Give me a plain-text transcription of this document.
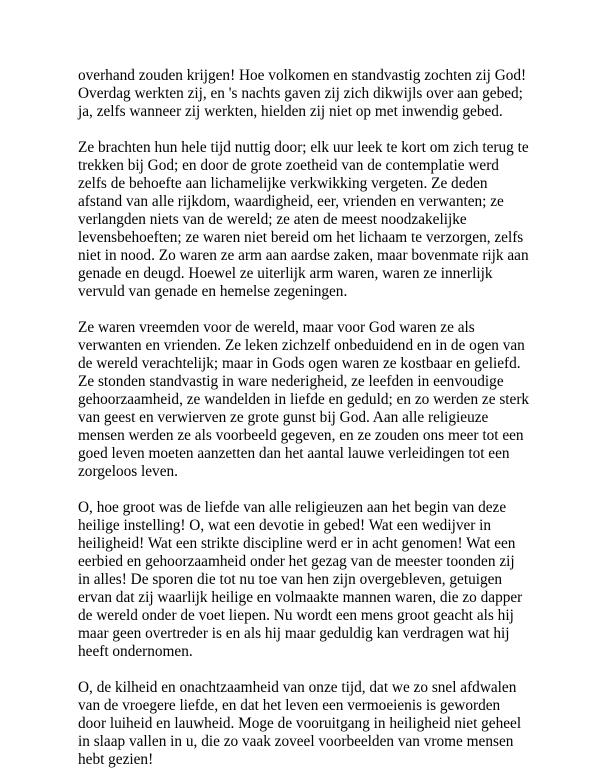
overhand zouden krijgen! Hoe volkomen en standvastig zochten zij God! Overdag werkten zij, en 's nachts gaven zij zich dikwijls over aan gebed; ja, zelfs wanneer zij werkten, hielden zij niet op met inwendig gebed.

Ze brachten hun hele tijd nuttig door; elk uur leek te kort om zich terug te trekken bij God; en door de grote zoetheid van de contemplatie werd zelfs de behoefte aan lichamelijke verkwikking vergeten. Ze deden afstand van alle rijkdom, waardigheid, eer, vrienden en verwanten; ze verlangden niets van de wereld; ze aten de meest noodzakelijke levensbehoeften; ze waren niet bereid om het lichaam te verzorgen, zelfs niet in nood. Zo waren ze arm aan aardse zaken, maar bovenmate rijk aan genade en deugd. Hoewel ze uiterlijk arm waren, waren ze innerlijk vervuld van genade en hemelse zegeningen.

Ze waren vreemden voor de wereld, maar voor God waren ze als verwanten en vrienden. Ze leken zichzelf onbeduidend en in de ogen van de wereld verachtelijk; maar in Gods ogen waren ze kostbaar en geliefd. Ze stonden standvastig in ware nederigheid, ze leefden in eenvoudige gehoorzaamheid, ze wandelden in liefde en geduld; en zo werden ze sterk van geest en verwierven ze grote gunst bij God. Aan alle religieuze mensen werden ze als voorbeeld gegeven, en ze zouden ons meer tot een goed leven moeten aanzetten dan het aantal lauwe verleidingen tot een zorgeloos leven.

O, hoe groot was de liefde van alle religieuzen aan het begin van deze heilige instelling! O, wat een devotie in gebed! Wat een wedijver in heiligheid! Wat een strikte discipline werd er in acht genomen! Wat een eerbied en gehoorzaamheid onder het gezag van de meester toonden zij in alles! De sporen die tot nu toe van hen zijn overgebleven, getuigen ervan dat zij waarlijk heilige en volmaakte mannen waren, die zo dapper de wereld onder de voet liepen. Nu wordt een mens groot geacht als hij maar geen overtreder is en als hij maar geduldig kan verdragen wat hij heeft ondernomen.

O, de kilheid en onachtzaamheid van onze tijd, dat we zo snel afdwalen van de vroegere liefde, en dat het leven een vermoeienis is geworden door luiheid en lauwheid. Moge de vooruitgang in heiligheid niet geheel in slaap vallen in u, die zo vaak zoveel voorbeelden van vrome mensen hebt gezien!
